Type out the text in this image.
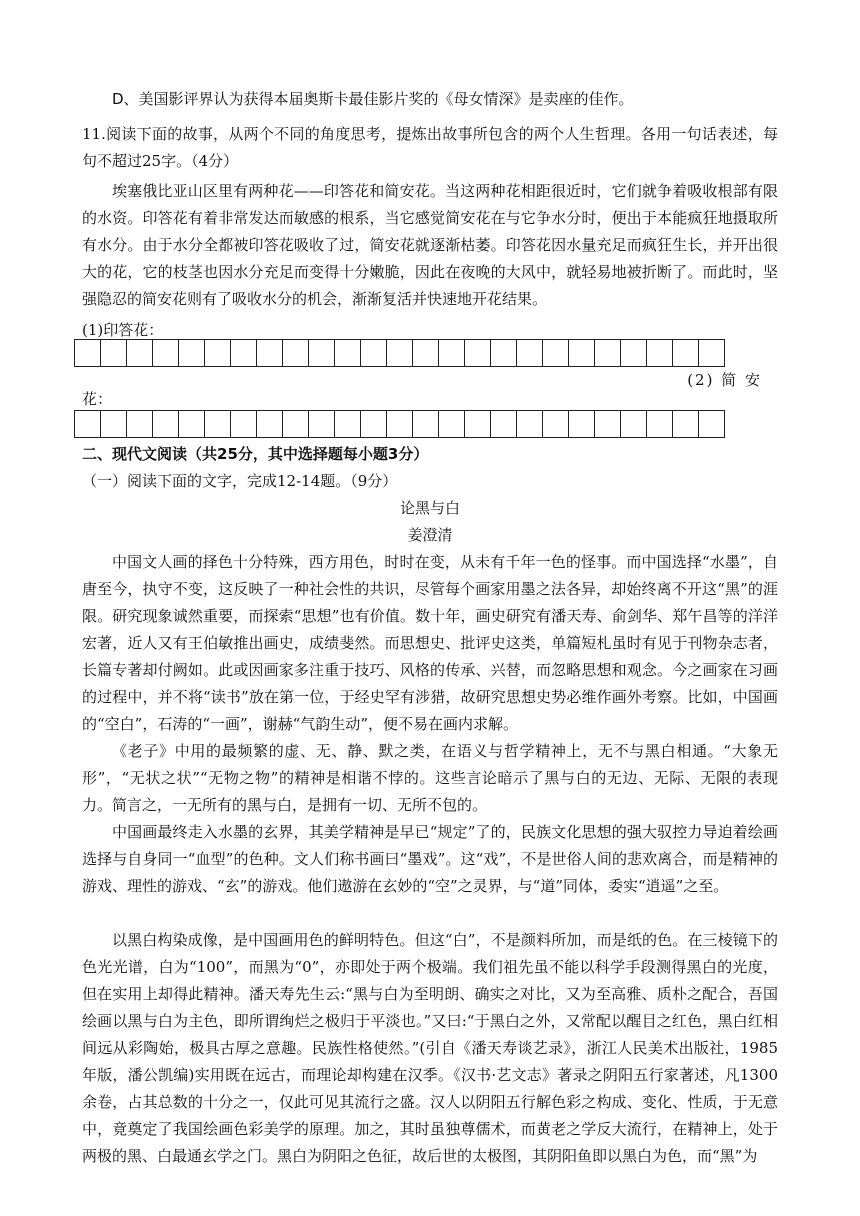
D、美国影评界认为获得本届奥斯卡最佳影片奖的《母女情深》是卖座的佳作。

11.阅读下面的故事，从两个不同的角度思考，提炼出故事所包含的两个人生哲理。各用一句话表述，每句不超过25字。（4分）

埃塞俄比亚山区里有两种花——印答花和简安花。当这两种花相距很近时，它们就争着吸收根部有限的水资。印答花有着非常发达而敏感的根系，当它感觉简安花在与它争水分时，便出于本能疯狂地摄取所有水分。由于水分全都被印答花吸收了过，简安花就逐渐枯萎。印答花因水量充足而疯狂生长，并开出很大的花，它的枝茎也因水分充足而变得十分嫩脆，因此在夜晚的大风中，就轻易地被折断了。而此时，坚强隐忍的简安花则有了吸收水分的机会，渐渐复活并快速地开花结果。

(1)印答花：
(2) 简 安
花：

二、现代文阅读（共25分，其中选择题每小题3分）

（一）阅读下面的文字，完成12-14题。（9分）

论黑与白

姜澄清

中国文人画的择色十分特殊，西方用色，时时在变，从未有千年一色的怪事。而中国选择“水墨”，自唐至今，执守不变，这反映了一种社会性的共识，尽管每个画家用墨之法各异，却始终离不开这“黑”的涯限。研究现象诚然重要，而探索“思想”也有价值。数十年，画史研究有潘天寿、俞剑华、郑午昌等的洋洋宏著，近人又有王伯敏推出画史，成绩斐然。而思想史、批评史这类，单篇短札虽时有见于刊物杂志者，长篇专著却付阙如。此或因画家多注重于技巧、风格的传承、兴替，而忽略思想和观念。今之画家在习画的过程中，并不将“读书”放在第一位，于经史罕有涉猎，故研究思想史势必维作画外考察。比如，中国画的“空白”，石涛的“一画”，谢赫“气韵生动”，便不易在画内求解。

《老子》中用的最频繁的虚、无、静、默之类，在语义与哲学精神上，无不与黑白相通。“大象无形”，“无状之状”“无物之物”的精神是相谐不悖的。这些言论暗示了黑与白的无边、无际、无限的表现力。简言之，一无所有的黑与白，是拥有一切、无所不包的。

中国画最终走入水墨的玄界，其美学精神是早已“规定”了的，民族文化思想的强大驭控力导迫着绘画选择与自身同一“血型”的色种。文人们称书画曰“墨戏”。这“戏”，不是世俗人间的悲欢离合，而是精神的游戏、理性的游戏、“玄”的游戏。他们遨游在玄妙的“空”之灵界，与“道”同体，委实“逍遥”之至。

以黑白构染成像，是中国画用色的鲜明特色。但这“白”，不是颜料所加，而是纸的色。在三棱镜下的色光光谱，白为“100”，而黑为“0”，亦即处于两个极端。我们祖先虽不能以科学手段测得黑白的光度，但在实用上却得此精神。潘天寿先生云:“黑与白为至明朗、确实之对比，又为至高雅、质朴之配合，吾国绘画以黑与白为主色，即所谓绚烂之极归于平淡也。”又曰:“于黑白之外，又常配以醒目之红色，黑白红相间远从彩陶始，极具古厚之意趣。民族性格使然。”(引自《潘天寿谈艺录》，浙江人民美术出版社，1985年版，潘公凯编)实用既在远古，而理论却构建在汉季。《汉书·艺文志》著录之阴阳五行家著述，凡1300余卷，占其总数的十分之一，仅此可见其流行之盛。汉人以阴阳五行解色彩之构成、变化、性质，于无意中，竟奠定了我国绘画色彩美学的原理。加之，其时虽独尊儒术，而黄老之学反大流行，在精神上，处于两极的黑、白最通玄学之门。黑白为阴阳之色征，故后世的太极图，其阴阳鱼即以黑白为色，而“黑”为
